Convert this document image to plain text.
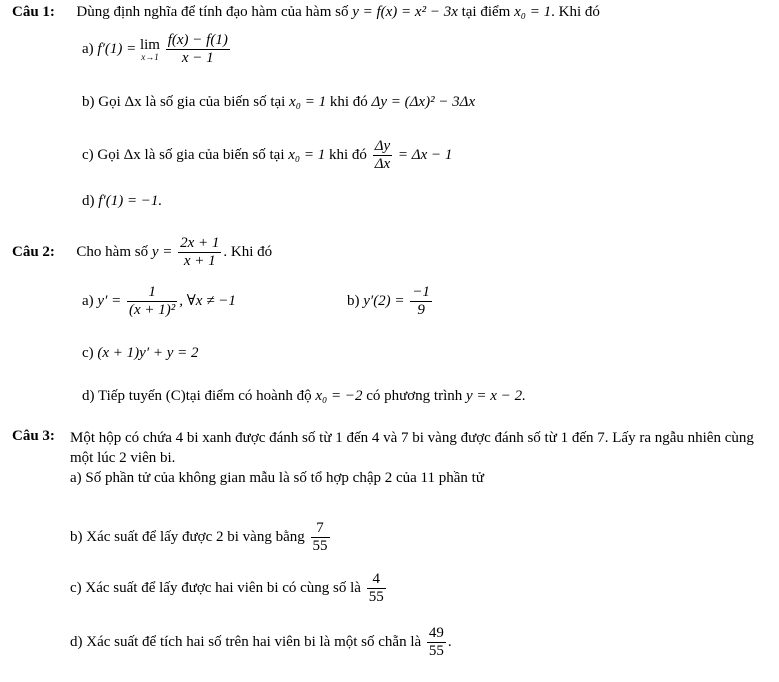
Câu 1: Dùng định nghĩa để tính đạo hàm của hàm số y = f(x) = x² − 3x tại điểm x₀ = 1. Khi đó
a) f′(1) = lim
x→1
$\frac{f(x) - f(1)}{x - 1}$
b) Gọi Δx là số gia của biến số tại x₀ = 1 khi đó Δy = (Δx)² − 3Δx
c) Gọi Δx là số gia của biến số tại x₀ = 1 khi đó $\frac{\Delta y}{\Delta x} = \Delta x - 1$
d) f′(1) = −1.
Câu 2: Cho hàm số $y = \frac{2x + 1}{x + 1}$ . Khi đó
a) $y' = \frac{1}{\text{(x + 1)²}}$ , ∀x ≠ −1	b) $y'(2) = \frac{-1}{9}$
c) (x + 1)y′ + y = 2
d) Tiếp tuyến (C)tại điểm có hoành độ x₀ = −2 có phương trình y = x − 2.
Câu 3: Một hộp có chứa 4 bi xanh được đánh số từ 1 đến 4 và 7 bi vàng được đánh số từ 1 đến 7. Lấy ra ngẫu nhiên cùng một lúc 2 viên bi.
a) Số phần tử của không gian mẫu là số tổ hợp chập 2 của 11 phần tử
b) Xác suất để lấy được 2 bi vàng bằng $\frac{7}{55}$
c) Xác suất để lấy được hai viên bi có cùng số là $\frac{4}{55}$
d) Xác suất để tích hai số trên hai viên bi là một số chẵn là $\frac{49}{55}$ .
